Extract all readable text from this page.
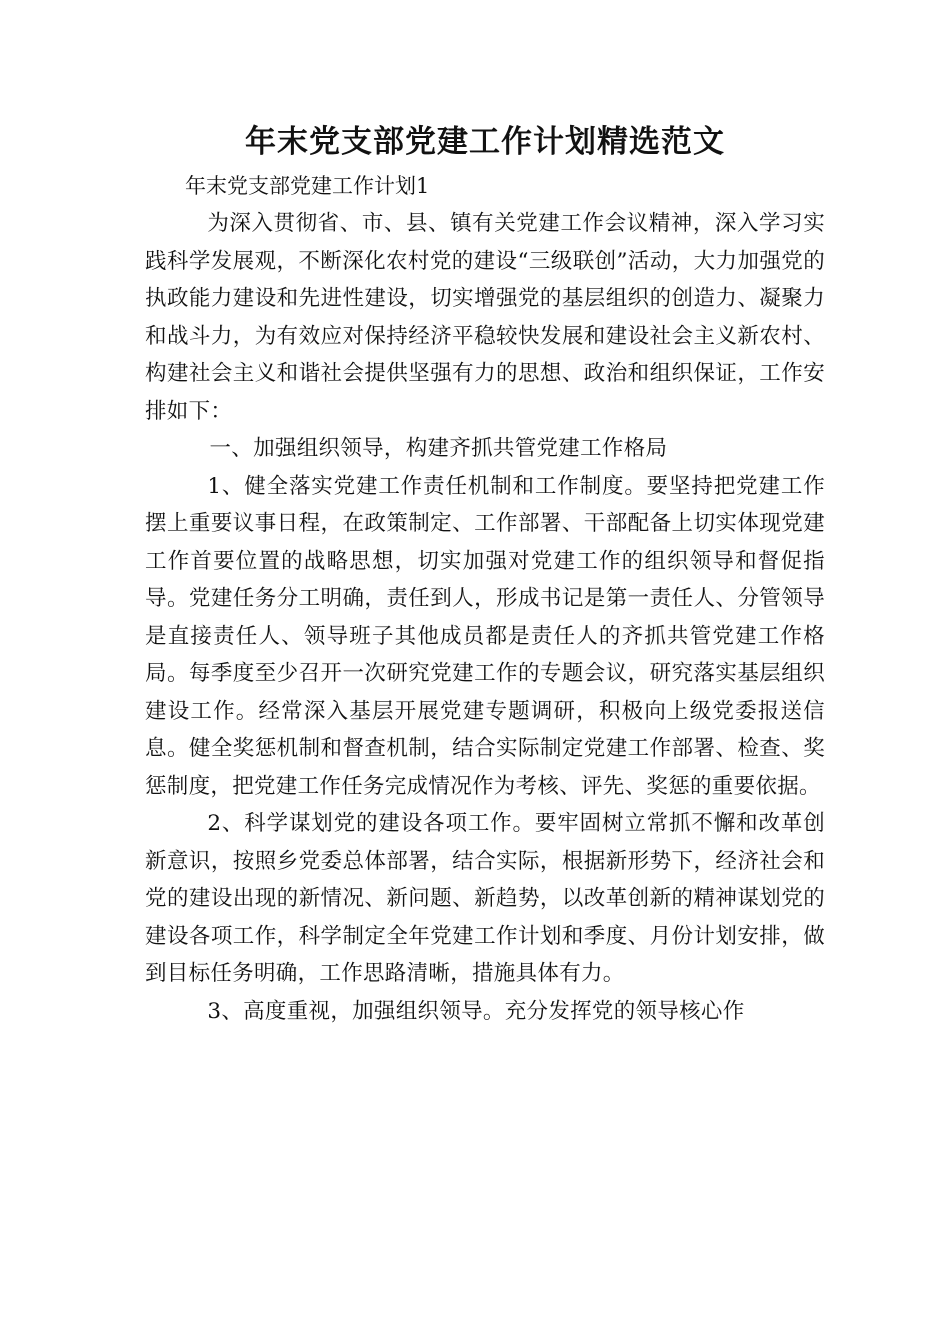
年末党支部党建工作计划精选范文

年末党支部党建工作计划1

为深入贯彻省、市、县、镇有关党建工作会议精神，深入学习实践科学发展观，不断深化农村党的建设“三级联创”活动，大力加强党的执政能力建设和先进性建设，切实增强党的基层组织的创造力、凝聚力和战斗力，为有效应对保持经济平稳较快发展和建设社会主义新农村、构建社会主义和谐社会提供坚强有力的思想、政治和组织保证，工作安排如下：

一、加强组织领导，构建齐抓共管党建工作格局

1、健全落实党建工作责任机制和工作制度。要坚持把党建工作摆上重要议事日程，在政策制定、工作部署、干部配备上切实体现党建工作首要位置的战略思想，切实加强对党建工作的组织领导和督促指导。党建任务分工明确，责任到人，形成书记是第一责任人、分管领导是直接责任人、领导班子其他成员都是责任人的齐抓共管党建工作格局。每季度至少召开一次研究党建工作的专题会议，研究落实基层组织建设工作。经常深入基层开展党建专题调研，积极向上级党委报送信息。健全奖惩机制和督查机制，结合实际制定党建工作部署、检查、奖惩制度，把党建工作任务完成情况作为考核、评先、奖惩的重要依据。

2、科学谋划党的建设各项工作。要牢固树立常抓不懈和改革创新意识，按照乡党委总体部署，结合实际，根据新形势下，经济社会和党的建设出现的新情况、新问题、新趋势，以改革创新的精神谋划党的建设各项工作，科学制定全年党建工作计划和季度、月份计划安排，做到目标任务明确，工作思路清晰，措施具体有力。

3、高度重视，加强组织领导。充分发挥党的领导核心作
